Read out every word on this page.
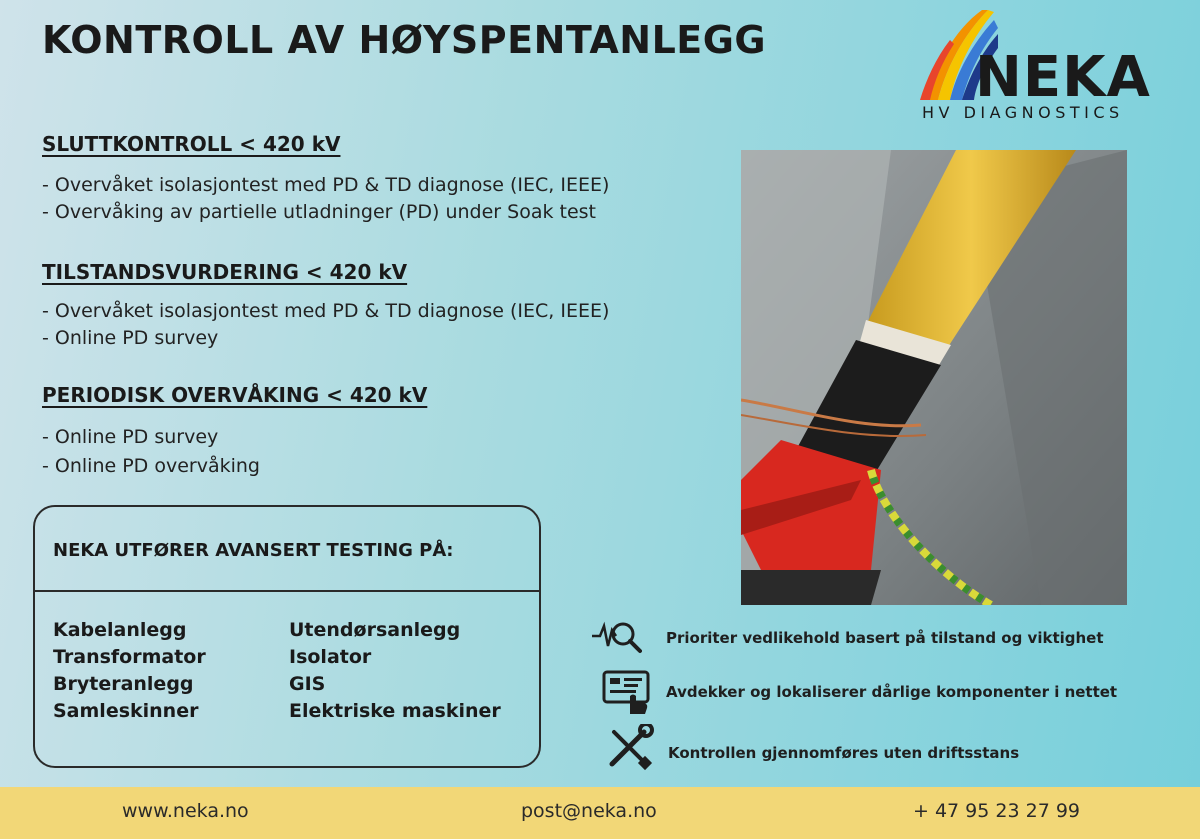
KONTROLL AV HØYSPENTANLEGG
NEKA
HV DIAGNOSTICS
SLUTTKONTROLL < 420 kV
- Overvåket isolasjontest med PD & TD diagnose (IEC, IEEE)
- Overvåking av partielle utladninger (PD) under Soak test
TILSTANDSVURDERING < 420 kV
- Overvåket isolasjontest med PD & TD diagnose (IEC, IEEE)
- Online PD survey
PERIODISK OVERVÅKING < 420 kV
- Online PD survey
- Online PD overvåking
NEKA UTFØRER AVANSERT TESTING PÅ:
Kabelanlegg
Transformator
Bryteranlegg
Samleskinner
Utendørsanlegg
Isolator
GIS
Elektriske maskiner
Prioriter vedlikehold basert på tilstand og viktighet
Avdekker og lokaliserer dårlige komponenter i nettet
Kontrollen gjennomføres uten driftsstans
www.neka.no	post@neka.no	+ 47 95 23 27 99
